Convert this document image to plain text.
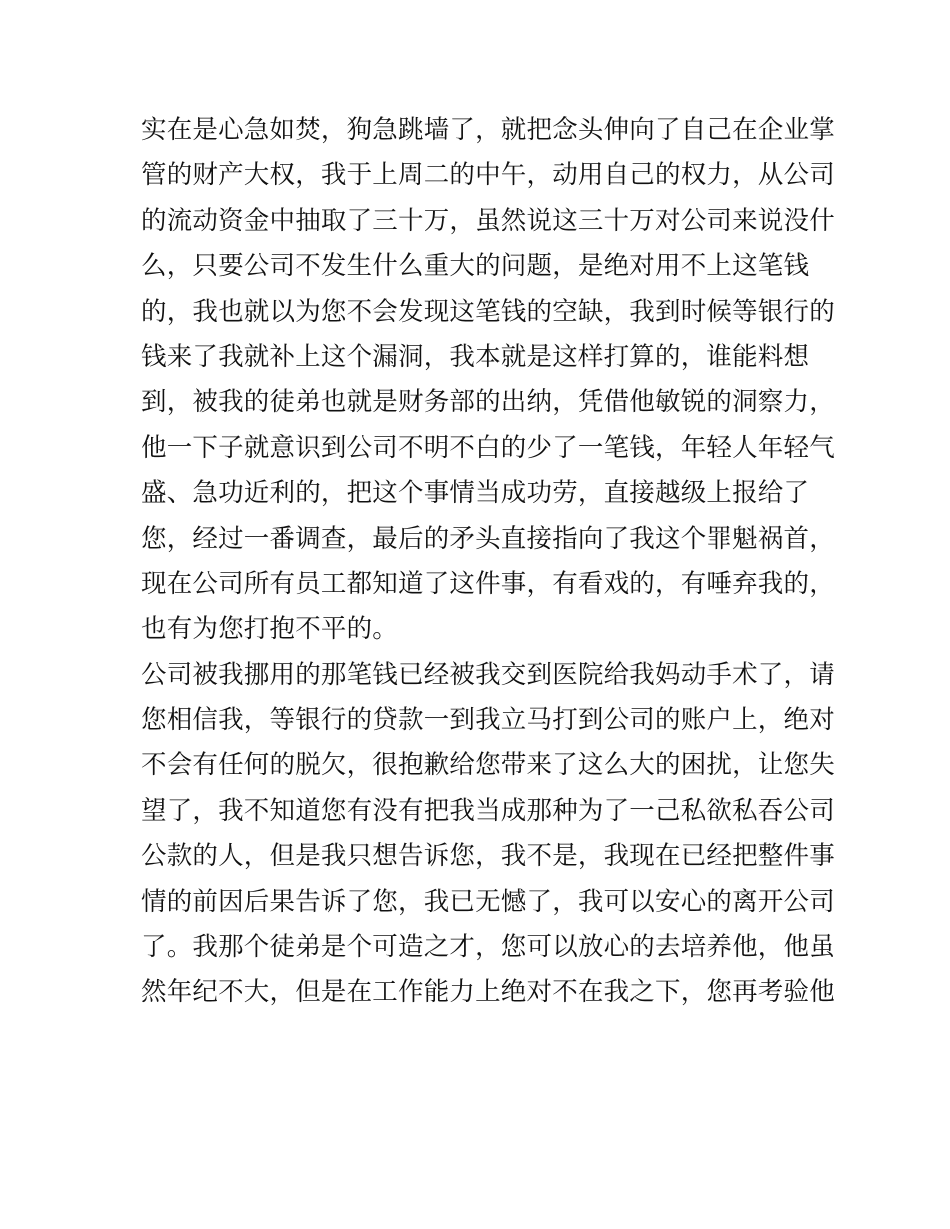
实在是心急如焚，狗急跳墙了，就把念头伸向了自己在企业掌
管的财产大权，我于上周二的中午，动用自己的权力，从公司
的流动资金中抽取了三十万，虽然说这三十万对公司来说没什
么，只要公司不发生什么重大的问题，是绝对用不上这笔钱
的，我也就以为您不会发现这笔钱的空缺，我到时候等银行的
钱来了我就补上这个漏洞，我本就是这样打算的，谁能料想
到，被我的徒弟也就是财务部的出纳，凭借他敏锐的洞察力，
他一下子就意识到公司不明不白的少了一笔钱，年轻人年轻气
盛、急功近利的，把这个事情当成功劳，直接越级上报给了
您，经过一番调查，最后的矛头直接指向了我这个罪魁祸首，
现在公司所有员工都知道了这件事，有看戏的，有唾弃我的，
也有为您打抱不平的。
公司被我挪用的那笔钱已经被我交到医院给我妈动手术了，请
您相信我，等银行的贷款一到我立马打到公司的账户上，绝对
不会有任何的脱欠，很抱歉给您带来了这么大的困扰，让您失
望了，我不知道您有没有把我当成那种为了一己私欲私吞公司
公款的人，但是我只想告诉您，我不是，我现在已经把整件事
情的前因后果告诉了您，我已无憾了，我可以安心的离开公司
了。我那个徒弟是个可造之才，您可以放心的去培养他，他虽
然年纪不大，但是在工作能力上绝对不在我之下，您再考验他
